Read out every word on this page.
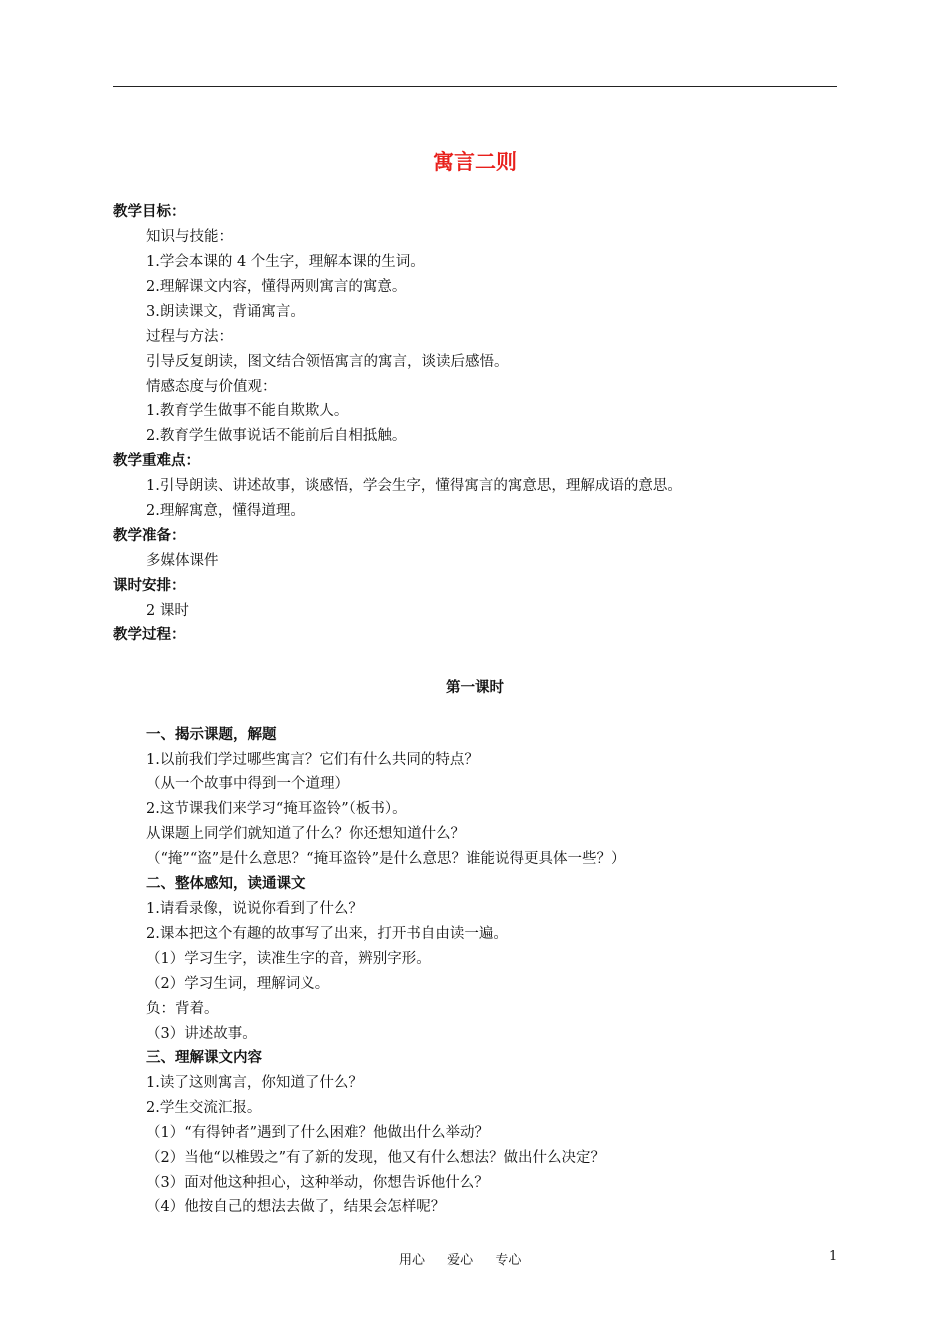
寓言二则
教学目标：
知识与技能：
1.学会本课的 4 个生字，理解本课的生词。
2.理解课文内容，懂得两则寓言的寓意。
3.朗读课文，背诵寓言。
过程与方法：
引导反复朗读，图文结合领悟寓言的寓言，谈读后感悟。
情感态度与价值观：
1.教育学生做事不能自欺欺人。
2.教育学生做事说话不能前后自相抵触。
教学重难点：
1.引导朗读、讲述故事，谈感悟，学会生字，懂得寓言的寓意思，理解成语的意思。
2.理解寓意，懂得道理。
教学准备：
多媒体课件
课时安排：
2 课时
教学过程：
第一课时
一、揭示课题，解题
1.以前我们学过哪些寓言？它们有什么共同的特点？
（从一个故事中得到一个道理）
2.这节课我们来学习“掩耳盗铃”（板书）。
从课题上同学们就知道了什么？你还想知道什么？
（“掩”“盗”是什么意思？“掩耳盗铃”是什么意思？谁能说得更具体一些？）
二、整体感知，读通课文
1.请看录像，说说你看到了什么？
2.课本把这个有趣的故事写了出来，打开书自由读一遍。
（1）学习生字，读准生字的音，辨别字形。
（2）学习生词，理解词义。
负：背着。
（3）讲述故事。
三、理解课文内容
1.读了这则寓言，你知道了什么？
2.学生交流汇报。
（1）“有得钟者”遇到了什么困难？他做出什么举动？
（2）当他“以椎毁之”有了新的发现，他又有什么想法？做出什么决定？
（3）面对他这种担心，这种举动，你想告诉他什么？
（4）他按自己的想法去做了，结果会怎样呢？
用心 爱心 专心	1
